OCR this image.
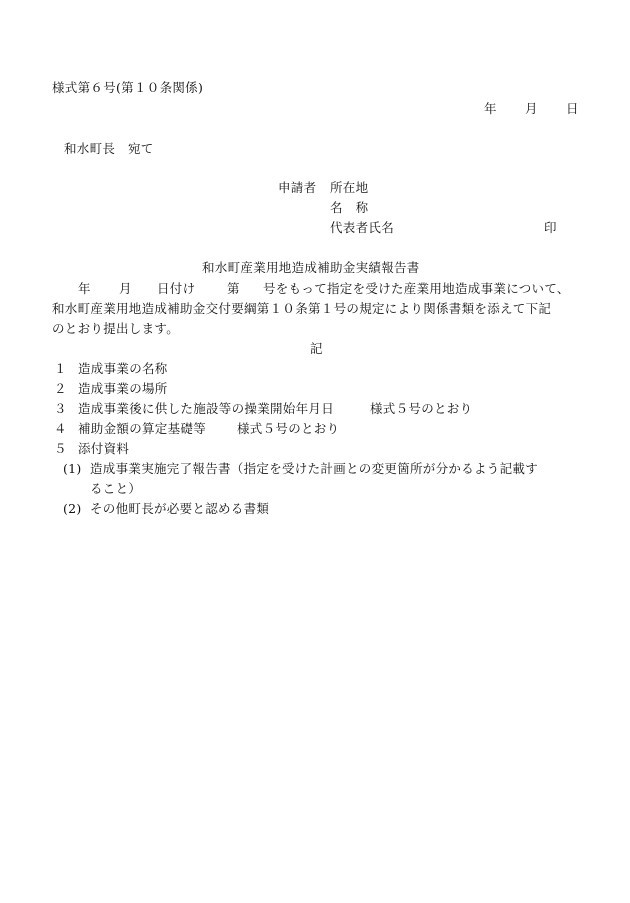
様式第６号(第１０条関係)
年 月 日
和水町長　宛て
申請者 所在地
名　称
代表者氏名	印
和水町産業用地造成補助金実績報告書
年 月 日付け	第 号をもって指定を受けた産業用地造成事業について、
和水町産業用地造成補助金交付要綱第１０条第１号の規定により関係書類を添えて下記
のとおり提出します。
記
１ 造成事業の名称
２ 造成事業の場所
３ 造成事業後に供した施設等の操業開始年月日	様式５号のとおり
４ 補助金額の算定基礎等 様式５号のとおり
５ 添付資料
(1) 造成事業実施完了報告書（指定を受けた計画との変更箇所が分かるよう記載す
ること）
(2) その他町長が必要と認める書類
